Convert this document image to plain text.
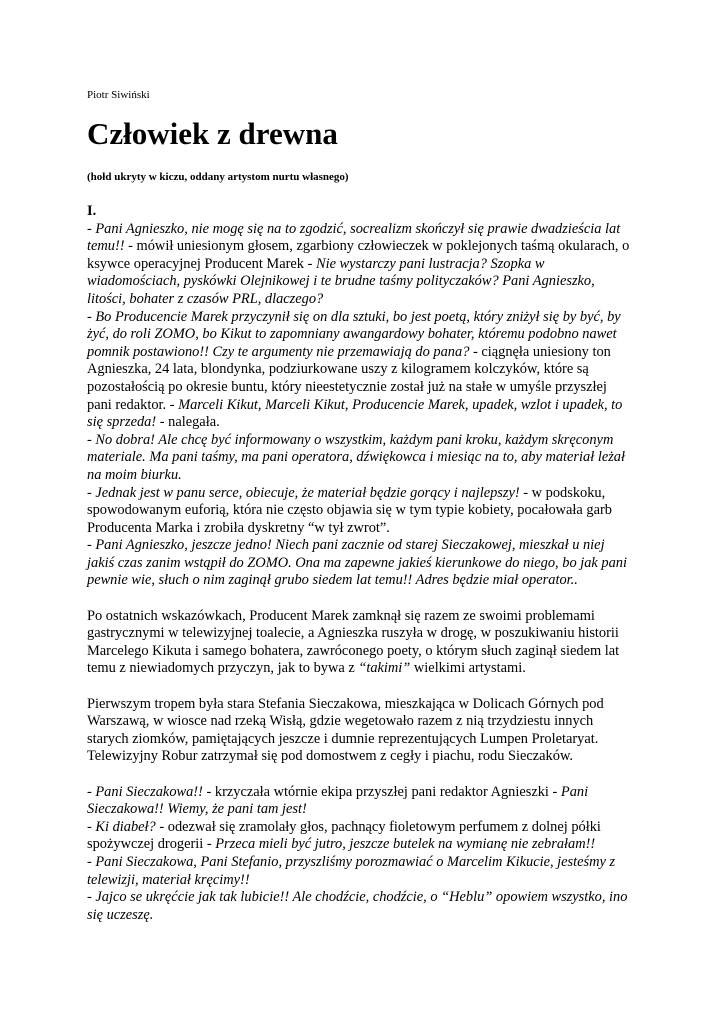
Piotr Siwiński
Człowiek z drewna
(hołd ukryty w kiczu, oddany artystom nurtu własnego)
I.
- Pani Agnieszko, nie mogę się na to zgodzić, socrealizm skończył się prawie dwadzieścia lat
temu!! - mówił uniesionym głosem, zgarbiony człowieczek w poklejonych taśmą okularach, o
ksywce operacyjnej Producent Marek - Nie wystarczy pani lustracja? Szopka w
wiadomościach, pyskówki Olejnikowej i te brudne taśmy polityczaków? Pani Agnieszko,
litości, bohater z czasów PRL, dlaczego?
- Bo Producencie Marek przyczynił się on dla sztuki, bo jest poetą, który zniżył się by być, by
żyć, do roli ZOMO, bo Kikut to zapomniany awangardowy bohater, któremu podobno nawet
pomnik postawiono!! Czy te argumenty nie przemawiają do pana? - ciągnęła uniesiony ton
Agnieszka, 24 lata, blondynka, podziurkowane uszy z kilogramem kolczyków, które są
pozostałością po okresie buntu, który nieestetycznie został już na stałe w umyśle przyszłej
pani redaktor. - Marceli Kikut, Marceli Kikut, Producencie Marek, upadek, wzlot i upadek, to
się sprzeda! - nalegała.
- No dobra! Ale chcę być informowany o wszystkim, każdym pani kroku, każdym skręconym
materiale. Ma pani taśmy, ma pani operatora, dźwiękowca i miesiąc na to, aby materiał leżał
na moim biurku.
- Jednak jest w panu serce, obiecuje, że materiał będzie gorący i najlepszy! - w podskoku,
spowodowanym euforią, która nie często objawia się w tym typie kobiety, pocałowała garb
Producenta Marka i zrobiła dyskretny “w tył zwrot”.
- Pani Agnieszko, jeszcze jedno! Niech pani zacznie od starej Sieczakowej, mieszkał u niej
jakiś czas zanim wstąpił do ZOMO. Ona ma zapewne jakieś kierunkowe do niego, bo jak pani
pewnie wie, słuch o nim zaginął grubo siedem lat temu!! Adres będzie miał operator..
Po ostatnich wskazówkach, Producent Marek zamknął się razem ze swoimi problemami
gastrycznymi w telewizyjnej toalecie, a Agnieszka ruszyła w drogę, w poszukiwaniu historii
Marcelego Kikuta i samego bohatera, zawróconego poety, o którym słuch zaginął siedem lat
temu z niewiadomych przyczyn, jak to bywa z “takimi” wielkimi artystami.
Pierwszym tropem była stara Stefania Sieczakowa, mieszkająca w Dolicach Górnych pod
Warszawą, w wiosce nad rzeką Wisłą, gdzie wegetowało razem z nią trzydziestu innych
starych ziomków, pamiętających jeszcze i dumnie reprezentujących Lumpen Proletaryat.
Telewizyjny Robur zatrzymał się pod domostwem z cegły i piachu, rodu Sieczaków.
- Pani Sieczakowa!! - krzyczała wtórnie ekipa przyszłej pani redaktor Agnieszki - Pani
Sieczakowa!! Wiemy, że pani tam jest!
- Ki diabeł? - odezwał się zramolały głos, pachnący fioletowym perfumem z dolnej półki
spożywczej drogerii - Przeca mieli być jutro, jeszcze butelek na wymianę nie zebrałam!!
- Pani Sieczakowa, Pani Stefanio, przyszliśmy porozmawiać o Marcelim Kikucie, jesteśmy z
telewizji, materiał kręcimy!!
- Jajco se ukręćcie jak tak lubicie!! Ale chodźcie, chodźcie, o “Heblu” opowiem wszystko, ino
się uczeszę.
